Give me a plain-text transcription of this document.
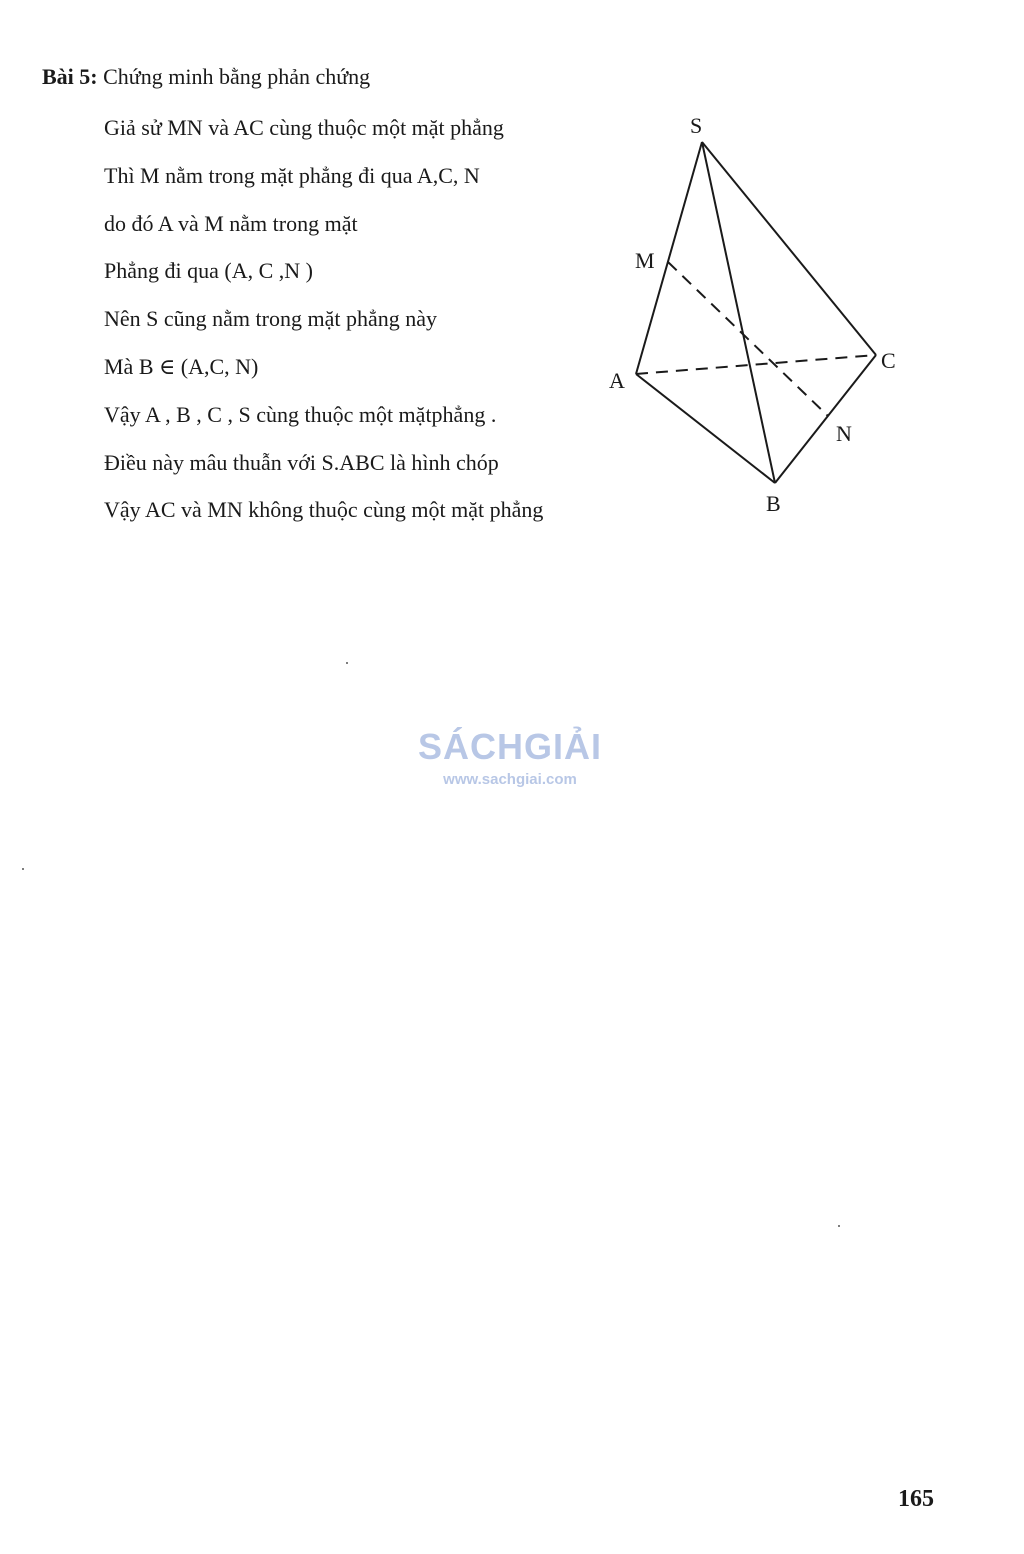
Bài 5: Chứng minh bằng phản chứng
Giả sử MN và AC cùng thuộc một mặt phẳng
Thì M nằm trong mặt phẳng đi qua A,C, N
do đó A và M nằm trong mặt
Phẳng đi qua (A, C ,N )
Nên S cũng nằm trong mặt phẳng này
Mà B ∈ (A,C, N)
Vậy A , B , C , S cùng thuộc một mặtphẳng .
Điều này mâu thuẫn với S.ABC là hình chóp
Vậy AC và MN không thuộc cùng một mặt phẳng
S
M
A
C
N
B
SÁCHGIẢI
www.sachgiai.com
165
